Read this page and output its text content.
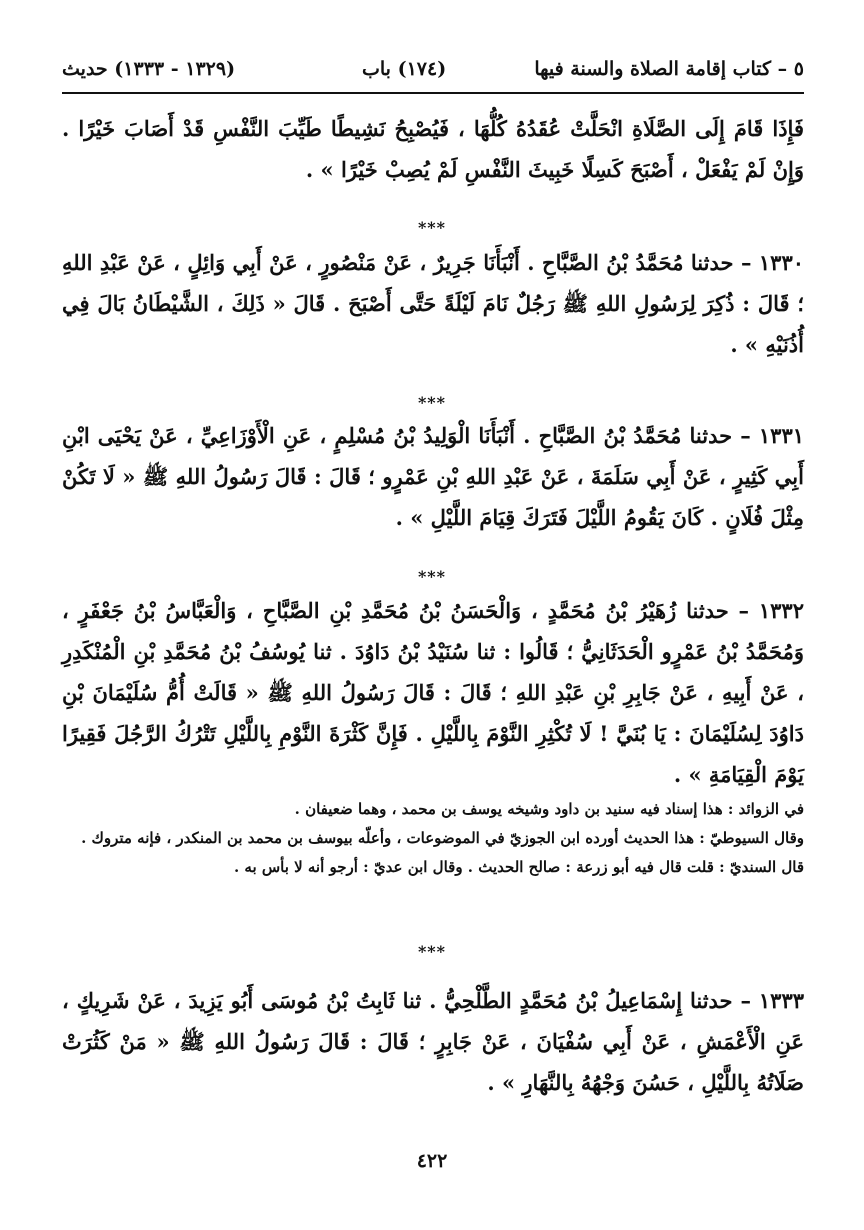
٥ – كتاب إقامة الصلاة والسنة فيها
(١٧٤) باب
(١٣٢٩ - ١٣٣٣) حديث

فَإِذَا قَامَ إِلَى الصَّلَاةِ انْحَلَّتْ عُقَدُهُ كُلُّهَا ، فَيُصْبِحُ نَشِيطًا طَيِّبَ النَّفْسِ قَدْ أَصَابَ خَيْرًا . وَإِنْ لَمْ يَفْعَلْ ، أَصْبَحَ كَسِلًا خَبِيثَ النَّفْسِ لَمْ يُصِبْ خَيْرًا » .

***

١٣٣٠ – حدثنا مُحَمَّدُ بْنُ الصَّبَّاحِ . أَنْبَأَنَا جَرِيرٌ ، عَنْ مَنْصُورٍ ، عَنْ أَبِي وَائِلٍ ، عَنْ عَبْدِ اللهِ ؛ قَالَ : ذُكِرَ لِرَسُولِ اللهِ ﷺ رَجُلٌ نَامَ لَيْلَةً حَتَّى أَصْبَحَ . قَالَ « ذَلِكَ ، الشَّيْطَانُ بَالَ فِي أُذُنَيْهِ » .

***

١٣٣١ – حدثنا مُحَمَّدُ بْنُ الصَّبَّاحِ . أَنْبَأَنَا الْوَلِيدُ بْنُ مُسْلِمٍ ، عَنِ الْأَوْزَاعِيِّ ، عَنْ يَحْيَى ابْنِ أَبِي كَثِيرٍ ، عَنْ أَبِي سَلَمَةَ ، عَنْ عَبْدِ اللهِ بْنِ عَمْرٍو ؛ قَالَ : قَالَ رَسُولُ اللهِ ﷺ « لَا تَكُنْ مِثْلَ فُلَانٍ . كَانَ يَقُومُ اللَّيْلَ فَتَرَكَ قِيَامَ اللَّيْلِ » .

***

١٣٣٢ – حدثنا زُهَيْرُ بْنُ مُحَمَّدٍ ، وَالْحَسَنُ بْنُ مُحَمَّدِ بْنِ الصَّبَّاحِ ، وَالْعَبَّاسُ بْنُ جَعْفَرٍ ، وَمُحَمَّدُ بْنُ عَمْرٍو الْحَدَثَانِيُّ ؛ قَالُوا : ثنا سُنَيْدُ بْنُ دَاوُدَ . ثنا يُوسُفُ بْنُ مُحَمَّدِ بْنِ الْمُنْكَدِرِ ، عَنْ أَبِيهِ ، عَنْ جَابِرِ بْنِ عَبْدِ اللهِ ؛ قَالَ : قَالَ رَسُولُ اللهِ ﷺ « قَالَتْ أُمُّ سُلَيْمَانَ بْنِ دَاوُدَ لِسُلَيْمَانَ : يَا بُنَيَّ ! لَا تُكْثِرِ النَّوْمَ بِاللَّيْلِ . فَإِنَّ كَثْرَةَ النَّوْمِ بِاللَّيْلِ تَتْرُكُ الرَّجُلَ فَقِيرًا يَوْمَ الْقِيَامَةِ » .

في الزوائد : هذا إسناد فيه سنيد بن داود وشيخه يوسف بن محمد ، وهما ضعيفان .
وقال السيوطيّ : هذا الحديث أورده ابن الجوزيّ في الموضوعات ، وأعلّه بيوسف بن محمد بن المنكدر ، فإنه متروك .
قال السنديّ : قلت قال فيه أبو زرعة : صالح الحديث . وقال ابن عديّ : أرجو أنه لا بأس به .
***

١٣٣٣ – حدثنا إِسْمَاعِيلُ بْنُ مُحَمَّدٍ الطَّلْحِيُّ . ثنا ثَابِتُ بْنُ مُوسَى أَبُو يَزِيدَ ، عَنْ شَرِيكٍ ، عَنِ الْأَعْمَشِ ، عَنْ أَبِي سُفْيَانَ ، عَنْ جَابِرٍ ؛ قَالَ : قَالَ رَسُولُ اللهِ ﷺ « مَنْ كَثُرَتْ صَلَاتُهُ بِاللَّيْلِ ، حَسُنَ وَجْهُهُ بِالنَّهَارِ » .

٤٢٢
